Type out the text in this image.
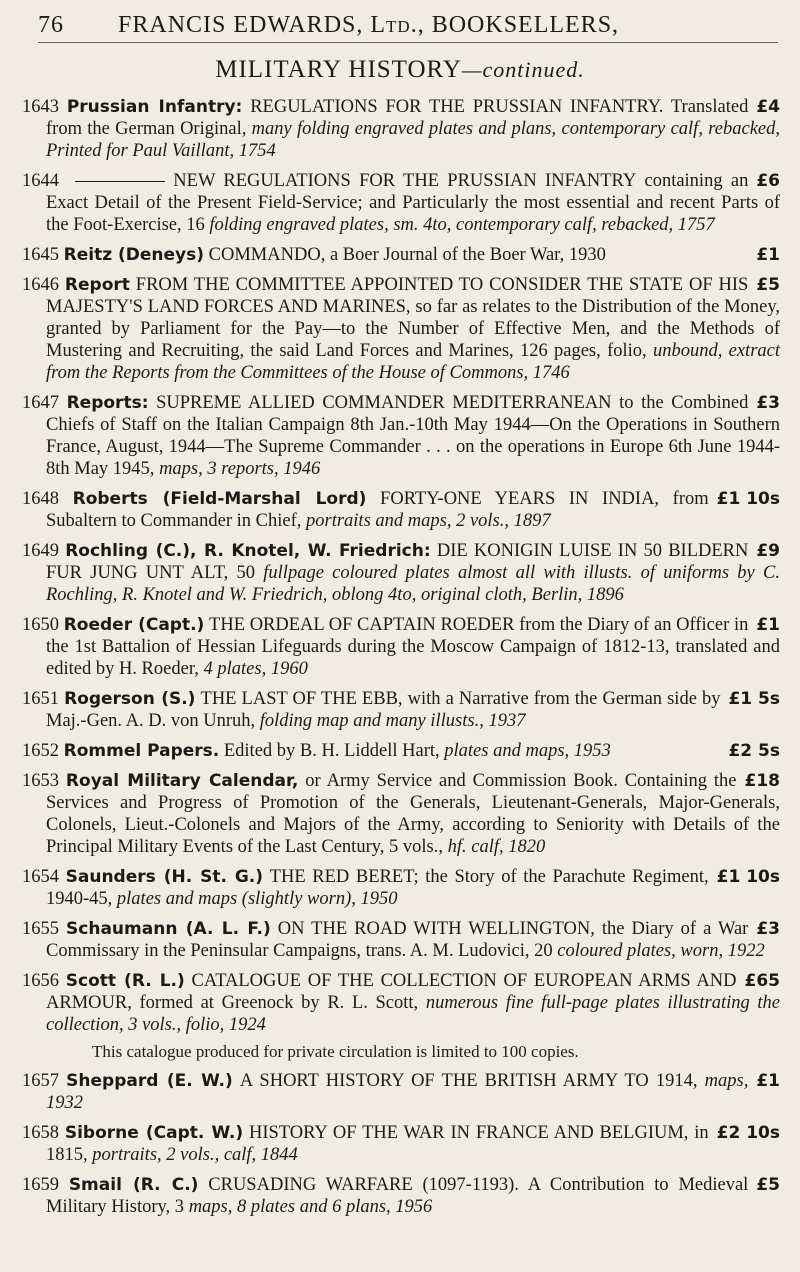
76 FRANCIS EDWARDS, Ltd., BOOKSELLERS,
MILITARY HISTORY—continued.
£4
1643 Prussian Infantry: REGULATIONS FOR THE PRUSSIAN INFANTRY. Translated from the German Original, many folding engraved plates and plans, contemporary calf, rebacked, Printed for Paul Vaillant, 1754
£6
1644	NEW REGULATIONS FOR THE PRUSSIAN INFANTRY containing an Exact Detail of the Present Field-Service; and Particularly the most essential and recent Parts of the Foot-Exercise, 16 folding engraved plates, sm. 4to, contemporary calf, rebacked, 1757
£1
1645 Reitz (Deneys) COMMANDO, a Boer Journal of the Boer War, 1930
£5
1646 Report FROM THE COMMITTEE APPOINTED TO CONSIDER THE STATE OF HIS MAJESTY'S LAND FORCES AND MARINES, so far as relates to the Distribution of the Money, granted by Parliament for the Pay—to the Number of Effective Men, and the Methods of Mustering and Recruiting, the said Land Forces and Marines, 126 pages, folio, unbound, extract from the Reports from the Committees of the House of Commons, 1746
£3
1647 Reports: SUPREME ALLIED COMMANDER MEDITERRANEAN to the Combined Chiefs of Staff on the Italian Campaign 8th Jan.-10th May 1944—On the Operations in Southern France, August, 1944—The Supreme Commander . . . on the operations in Europe 6th June 1944-8th May 1945, maps, 3 reports, 1946
£1 10s
1648 Roberts (Field-Marshal Lord) FORTY-ONE YEARS IN INDIA, from Subaltern to Commander in Chief, portraits and maps, 2 vols., 1897
£9
1649 Rochling (C.), R. Knotel, W. Friedrich: DIE KONIGIN LUISE IN 50 BILDERN FUR JUNG UNT ALT, 50 fullpage coloured plates almost all with illusts. of uniforms by C. Rochling, R. Knotel and W. Friedrich, oblong 4to, original cloth, Berlin, 1896
£1
1650 Roeder (Capt.) THE ORDEAL OF CAPTAIN ROEDER from the Diary of an Officer in the 1st Battalion of Hessian Lifeguards during the Moscow Campaign of 1812-13, translated and edited by H. Roeder, 4 plates, 1960
£1 5s
1651 Rogerson (S.) THE LAST OF THE EBB, with a Narrative from the German side by Maj.-Gen. A. D. von Unruh, folding map and many illusts., 1937
£2 5s
1652 Rommel Papers. Edited by B. H. Liddell Hart, plates and maps, 1953
£18
1653 Royal Military Calendar, or Army Service and Commission Book. Containing the Services and Progress of Promotion of the Generals, Lieutenant-Generals, Major-Generals, Colonels, Lieut.-Colonels and Majors of the Army, according to Seniority with Details of the Principal Military Events of the Last Century, 5 vols., hf. calf, 1820
£1 10s
1654 Saunders (H. St. G.) THE RED BERET; the Story of the Parachute Regiment, 1940-45, plates and maps (slightly worn), 1950
£3
1655 Schaumann (A. L. F.) ON THE ROAD WITH WELLINGTON, the Diary of a War Commissary in the Peninsular Campaigns, trans. A. M. Ludovici, 20 coloured plates, worn, 1922
£65
1656 Scott (R. L.) CATALOGUE OF THE COLLECTION OF EUROPEAN ARMS AND ARMOUR, formed at Greenock by R. L. Scott, numerous fine full-page plates illustrating the collection, 3 vols., folio, 1924
This catalogue produced for private circulation is limited to 100 copies.
£1
1657 Sheppard (E. W.) A SHORT HISTORY OF THE BRITISH ARMY TO 1914, maps, 1932
£2 10s
1658 Siborne (Capt. W.) HISTORY OF THE WAR IN FRANCE AND BELGIUM, in 1815, portraits, 2 vols., calf, 1844
£5
1659 Smail (R. C.) CRUSADING WARFARE (1097-1193). A Contribution to Medieval Military History, 3 maps, 8 plates and 6 plans, 1956
